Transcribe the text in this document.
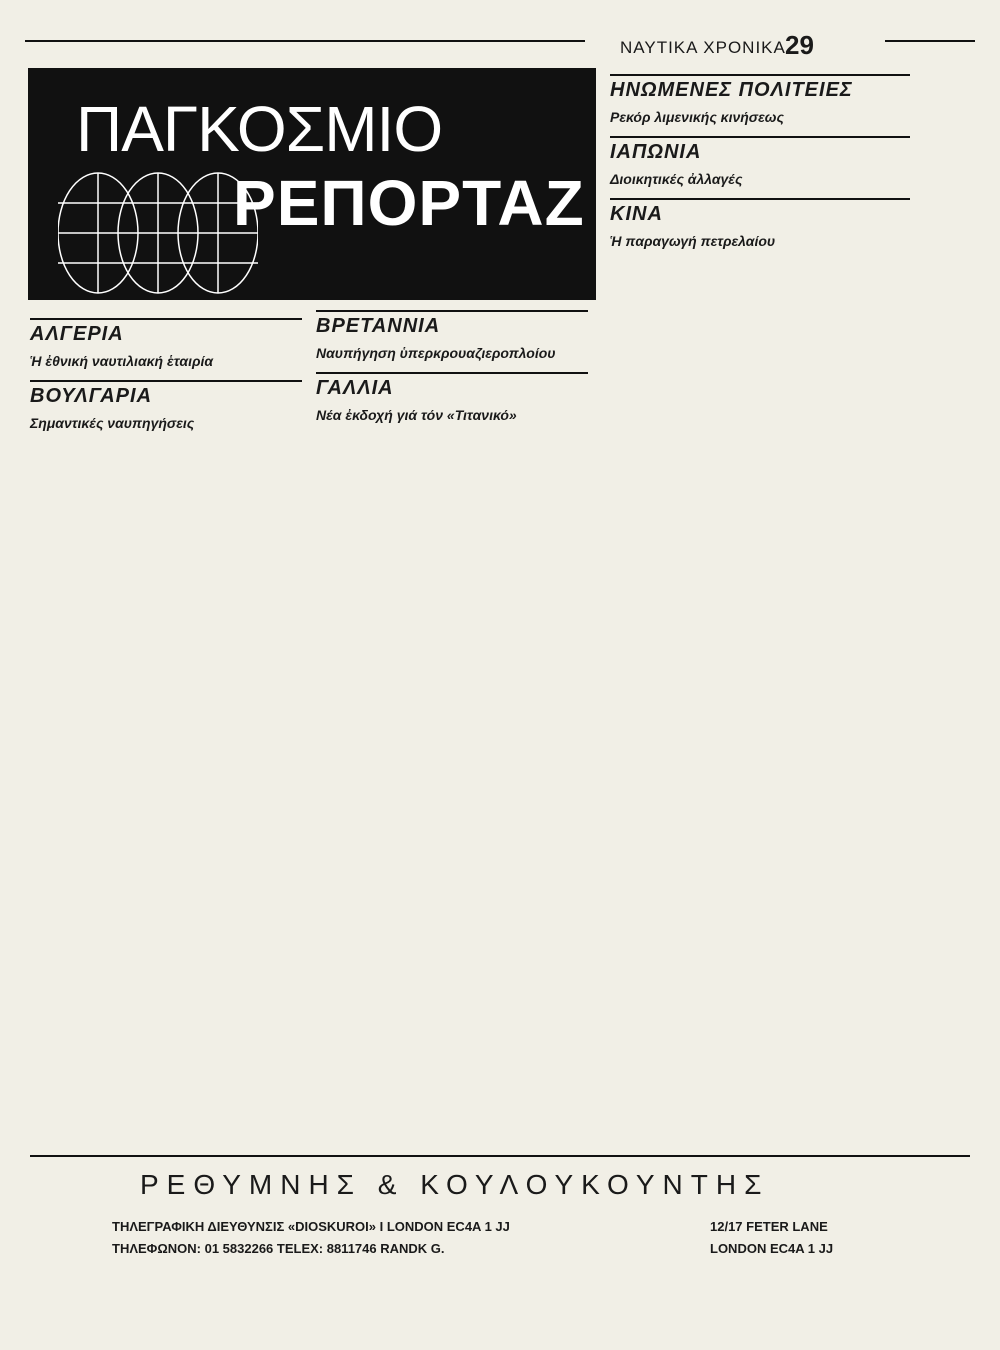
ΝΑΥΤΙΚΑ ΧΡΟΝΙΚΑ 29
ΠΑΓΚΟΣΜΙΟ
ΡΕΠΟΡΤΑΖ
ΑΛΓΕΡΙΑ
Ἡ ἐθνική ναυτιλιακή ἑταιρία
ΒΟΥΛΓΑΡΙΑ
Σημαντικές ναυπηγήσεις
ΒΡΕΤΑΝΝΙΑ
Ναυπήγηση ὑπερκρουαζιεροπλοίου
ΓΑΛΛΙΑ
Νέα ἐκδοχή γιά τόν «Τιτανικό»
ΗΝΩΜΕΝΕΣ ΠΟΛΙΤΕΙΕΣ
Ρεκόρ λιμενικής κινήσεως
ΙΑΠΩΝΙΑ
Διοικητικές ἀλλαγές
ΚΙΝΑ
Ἡ παραγωγή πετρελαίου
ΡΕΘΥΜΝΗΣ & ΚΟΥΛΟΥΚΟΥΝΤΗΣ
ΤΗΛΕΓΡΑΦΙΚΗ ΔΙΕΥΘΥΝΣΙΣ «DIOSKUROI» I LONDON EC4A 1 JJ
ΤΗΛΕΦΩΝΟΝ: 01 5832266 TELEX: 8811746 RANDK G.
12/17 FETER LANE
LONDON EC4A 1 JJ
